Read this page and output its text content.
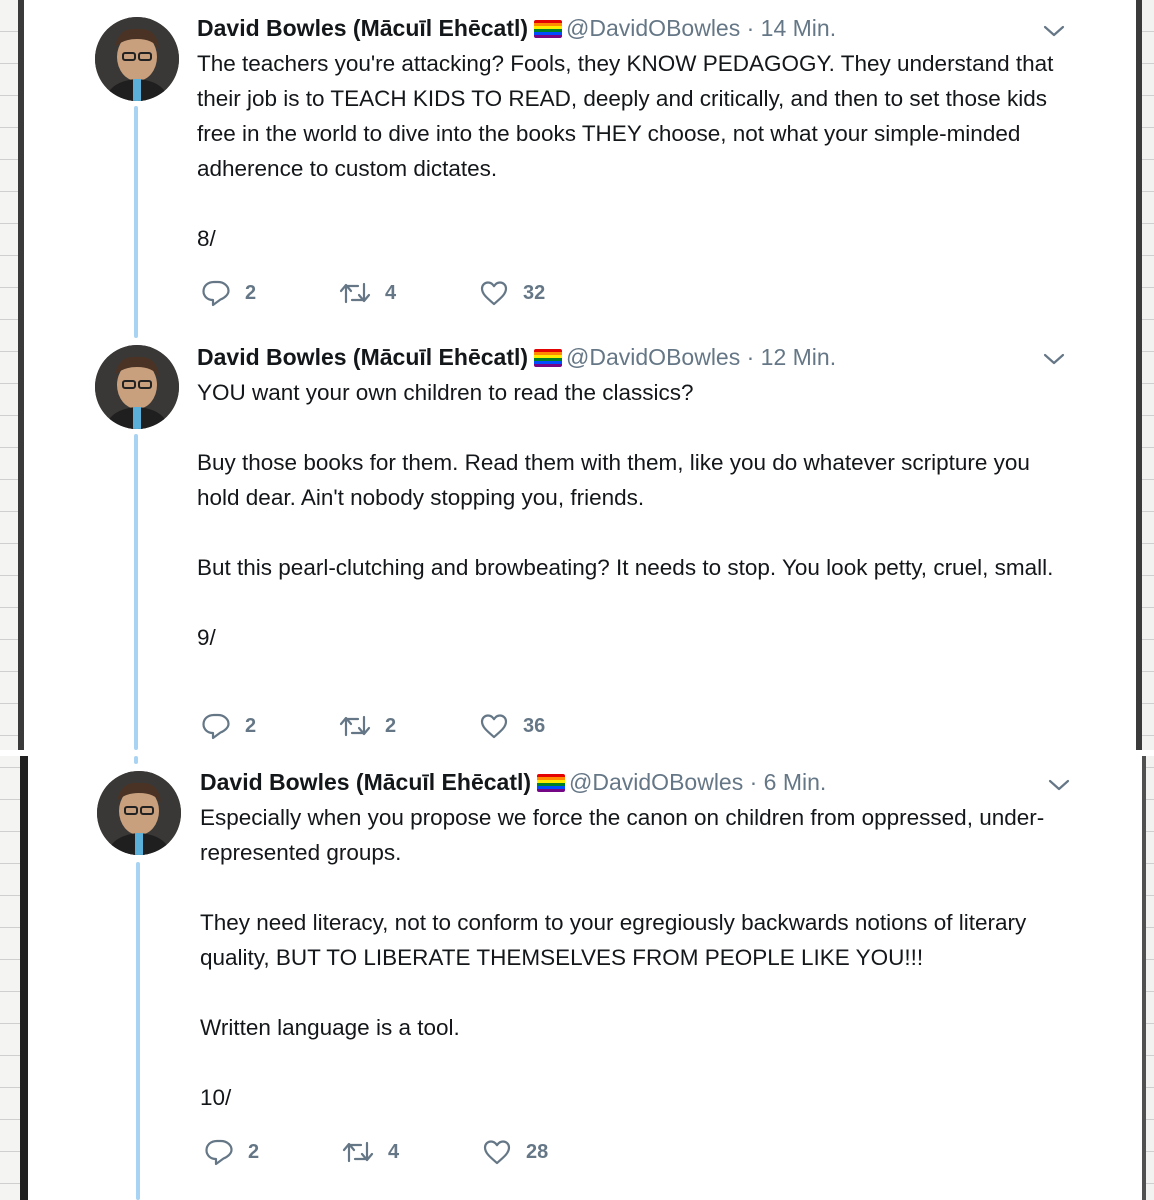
David Bowles (Mācuīl Ehēcatl) @DavidOBowles · 14 Min.

The teachers you're attacking? Fools, they KNOW PEDAGOGY. They understand that their job is to TEACH KIDS TO READ, deeply and critically, and then to set those kids free in the world to dive into the books THEY choose, not what your simple-minded adherence to custom dictates.

8/

2	4	32
David Bowles (Mācuīl Ehēcatl) @DavidOBowles · 12 Min.

YOU want your own children to read the classics?

Buy those books for them. Read them with them, like you do whatever scripture you hold dear. Ain't nobody stopping you, friends.

But this pearl-clutching and browbeating? It needs to stop. You look petty, cruel, small.

9/

2	2	36
David Bowles (Mācuīl Ehēcatl) @DavidOBowles · 6 Min.

Especially when you propose we force the canon on children from oppressed, under-represented groups.

They need literacy, not to conform to your egregiously backwards notions of literary quality, BUT TO LIBERATE THEMSELVES FROM PEOPLE LIKE YOU!!!

Written language is a tool.

10/

2	4	28
